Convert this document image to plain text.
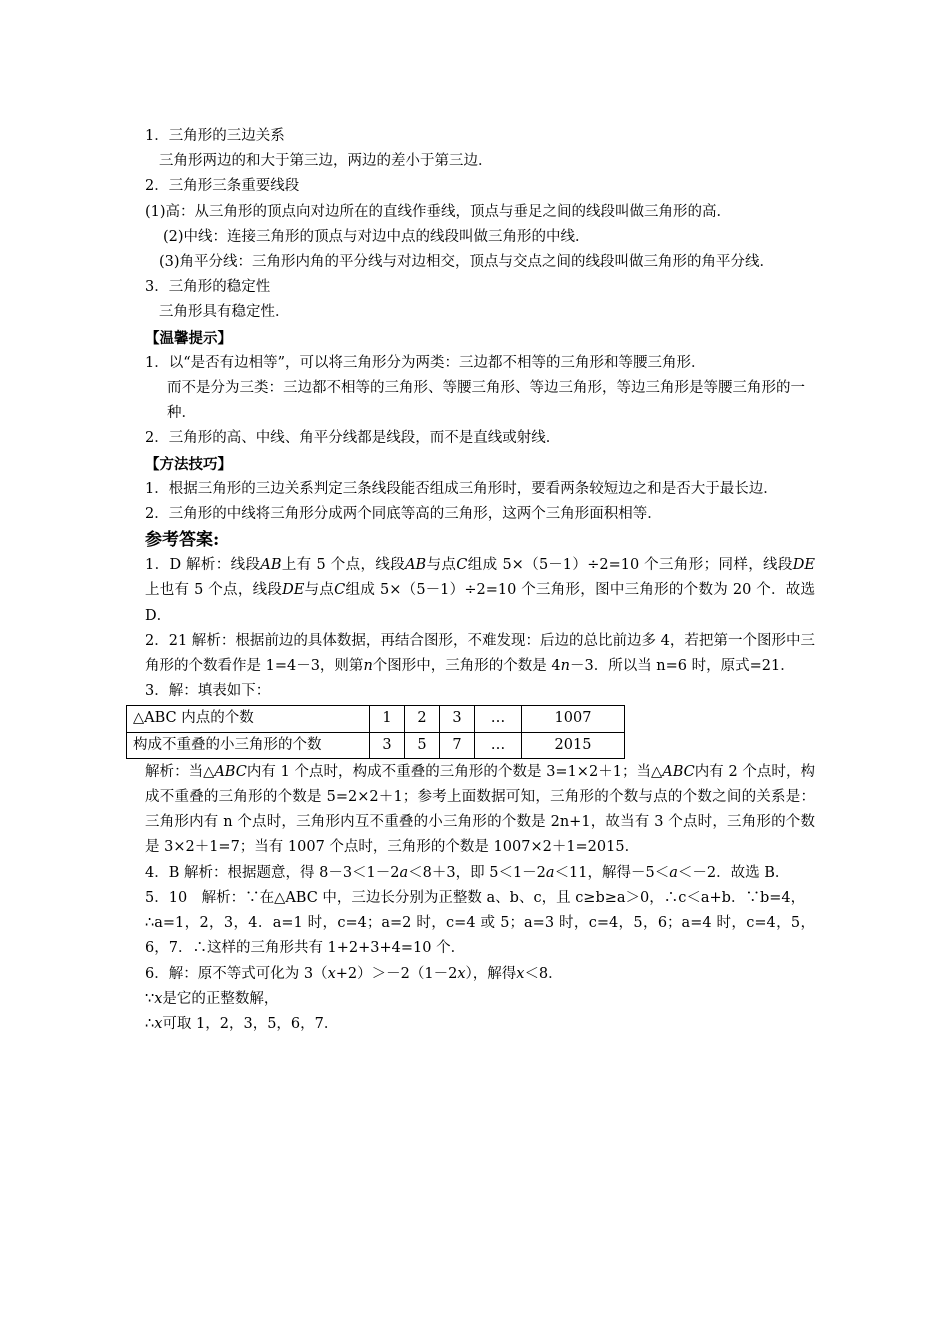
1．三角形的三边关系
三角形两边的和大于第三边，两边的差小于第三边．
2．三角形三条重要线段
(1)高：从三角形的顶点向对边所在的直线作垂线，顶点与垂足之间的线段叫做三角形的高．
(2)中线：连接三角形的顶点与对边中点的线段叫做三角形的中线．
(3)角平分线：三角形内角的平分线与对边相交，顶点与交点之间的线段叫做三角形的角平分线．
3．三角形的稳定性
三角形具有稳定性．
【温馨提示】
1．以“是否有边相等”，可以将三角形分为两类：三边都不相等的三角形和等腰三角形．
而不是分为三类：三边都不相等的三角形、等腰三角形、等边三角形，等边三角形是等腰三角形的一种．
2．三角形的高、中线、角平分线都是线段，而不是直线或射线．
【方法技巧】
1．根据三角形的三边关系判定三条线段能否组成三角形时，要看两条较短边之和是否大于最长边．
2．三角形的中线将三角形分成两个同底等高的三角形，这两个三角形面积相等．
参考答案:
1．D 解析：线段AB上有 5 个点，线段AB与点C组成 5×（5－1）÷2=10 个三角形；同样，线段DE上也有 5 个点，线段DE与点C组成 5×（5－1）÷2=10 个三角形，图中三角形的个数为 20 个．故选 D．
2．21 解析：根据前边的具体数据，再结合图形，不难发现：后边的总比前边多 4，若把第一个图形中三角形的个数看作是 1=4－3，则第n个图形中，三角形的个数是 4n－3．所以当 n=6 时，原式=21．
3．解：填表如下：
△ABC 内点的个数	1	2	3	…	1007
构成不重叠的小三角形的个数	3	5	7	…	2015
解析：当△ABC内有 1 个点时，构成不重叠的三角形的个数是 3=1×2＋1；当△ABC内有 2 个点时，构成不重叠的三角形的个数是 5=2×2＋1；参考上面数据可知，三角形的个数与点的个数之间的关系是：三角形内有 n 个点时，三角形内互不重叠的小三角形的个数是 2n+1，故当有 3 个点时，三角形的个数是 3×2＋1=7；当有 1007 个点时，三角形的个数是 1007×2＋1=2015．
4．B 解析：根据题意，得 8－3＜1－2a＜8＋3，即 5＜1－2a＜11，解得－5＜a＜－2．故选 B．
5．10　解析：∵在△ABC 中，三边长分别为正整数 a、b、c，且 c≥b≥a＞0，∴c＜a+b．∵b=4，
∴a=1，2，3，4．a=1 时，c=4；a=2 时，c=4 或 5；a=3 时，c=4，5，6；a=4 时，c=4，5，6，7．∴这样的三角形共有 1+2+3+4=10 个．
6．解：原不等式可化为 3（x+2）＞－2（1－2x），解得x＜8．
∵x是它的正整数解，
∴x可取 1，2，3，5，6，7．
